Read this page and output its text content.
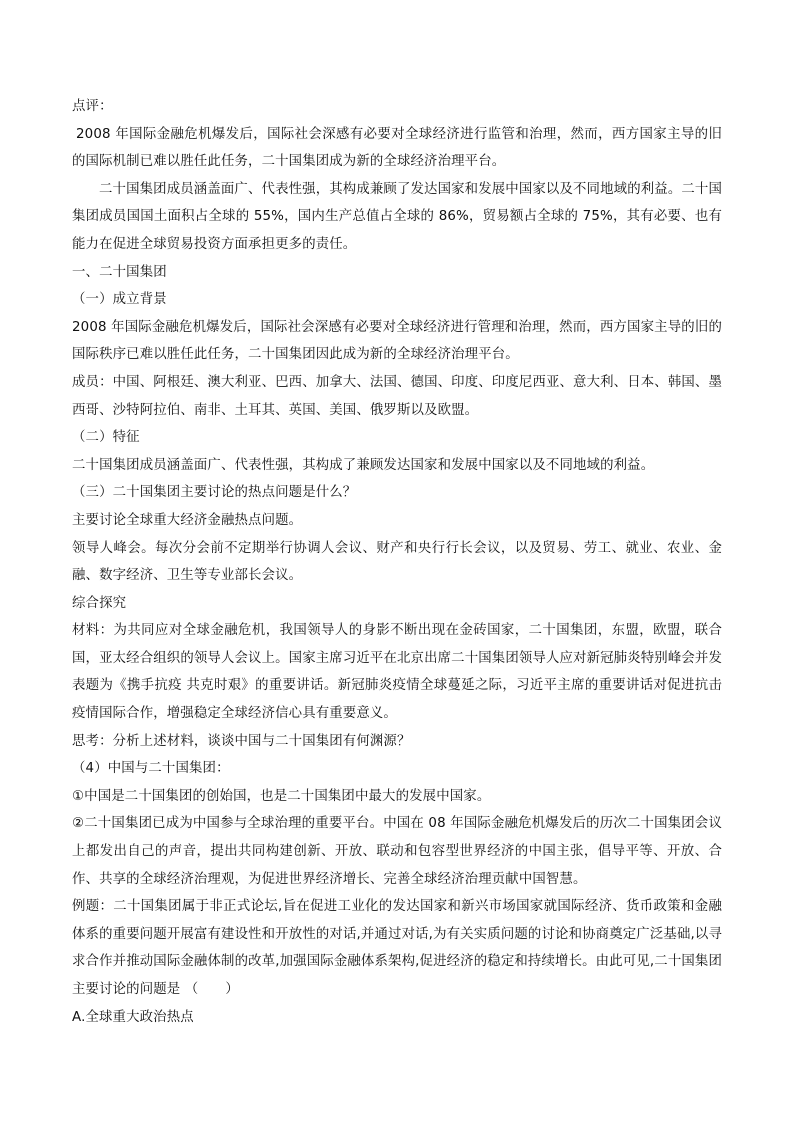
点评：

2008 年国际金融危机爆发后，国际社会深感有必要对全球经济进行监管和治理，然而，西方国家主导的旧的国际机制已难以胜任此任务，二十国集团成为新的全球经济治理平台。

二十国集团成员涵盖面广、代表性强，其构成兼顾了发达国家和发展中国家以及不同地域的利益。二十国集团成员国国土面积占全球的 55%，国内生产总值占全球的 86%，贸易额占全球的 75%，其有必要、也有能力在促进全球贸易投资方面承担更多的责任。

一、二十国集团

（一）成立背景

2008 年国际金融危机爆发后，国际社会深感有必要对全球经济进行管理和治理，然而，西方国家主导的旧的国际秩序已难以胜任此任务，二十国集团因此成为新的全球经济治理平台。

成员：中国、阿根廷、澳大利亚、巴西、加拿大、法国、德国、印度、印度尼西亚、意大利、日本、韩国、墨西哥、沙特阿拉伯、南非、土耳其、英国、美国、俄罗斯以及欧盟。

（二）特征

二十国集团成员涵盖面广、代表性强，其构成了兼顾发达国家和发展中国家以及不同地域的利益。

（三）二十国集团主要讨论的热点问题是什么？

主要讨论全球重大经济金融热点问题。

领导人峰会。每次分会前不定期举行协调人会议、财产和央行行长会议，以及贸易、劳工、就业、农业、金融、数字经济、卫生等专业部长会议。

综合探究

材料：为共同应对全球金融危机，我国领导人的身影不断出现在金砖国家，二十国集团，东盟，欧盟，联合国，亚太经合组织的领导人会议上。国家主席习近平在北京出席二十国集团领导人应对新冠肺炎特别峰会并发表题为《携手抗疫 共克时艰》的重要讲话。新冠肺炎疫情全球蔓延之际，习近平主席的重要讲话对促进抗击疫情国际合作，增强稳定全球经济信心具有重要意义。

思考：分析上述材料，谈谈中国与二十国集团有何渊源？

（4）中国与二十国集团：

①中国是二十国集团的创始国，也是二十国集团中最大的发展中国家。

②二十国集团已成为中国参与全球治理的重要平台。中国在 08 年国际金融危机爆发后的历次二十国集团会议上都发出自己的声音，提出共同构建创新、开放、联动和包容型世界经济的中国主张，倡导平等、开放、合作、共享的全球经济治理观，为促进世界经济增长、完善全球经济治理贡献中国智慧。

例题：二十国集团属于非正式论坛,旨在促进工业化的发达国家和新兴市场国家就国际经济、货币政策和金融体系的重要问题开展富有建设性和开放性的对话,并通过对话,为有关实质问题的讨论和协商奠定广泛基础,以寻求合作并推动国际金融体制的改革,加强国际金融体系架构,促进经济的稳定和持续增长。由此可见,二十国集团主要讨论的问题是 （　　）

A.全球重大政治热点
